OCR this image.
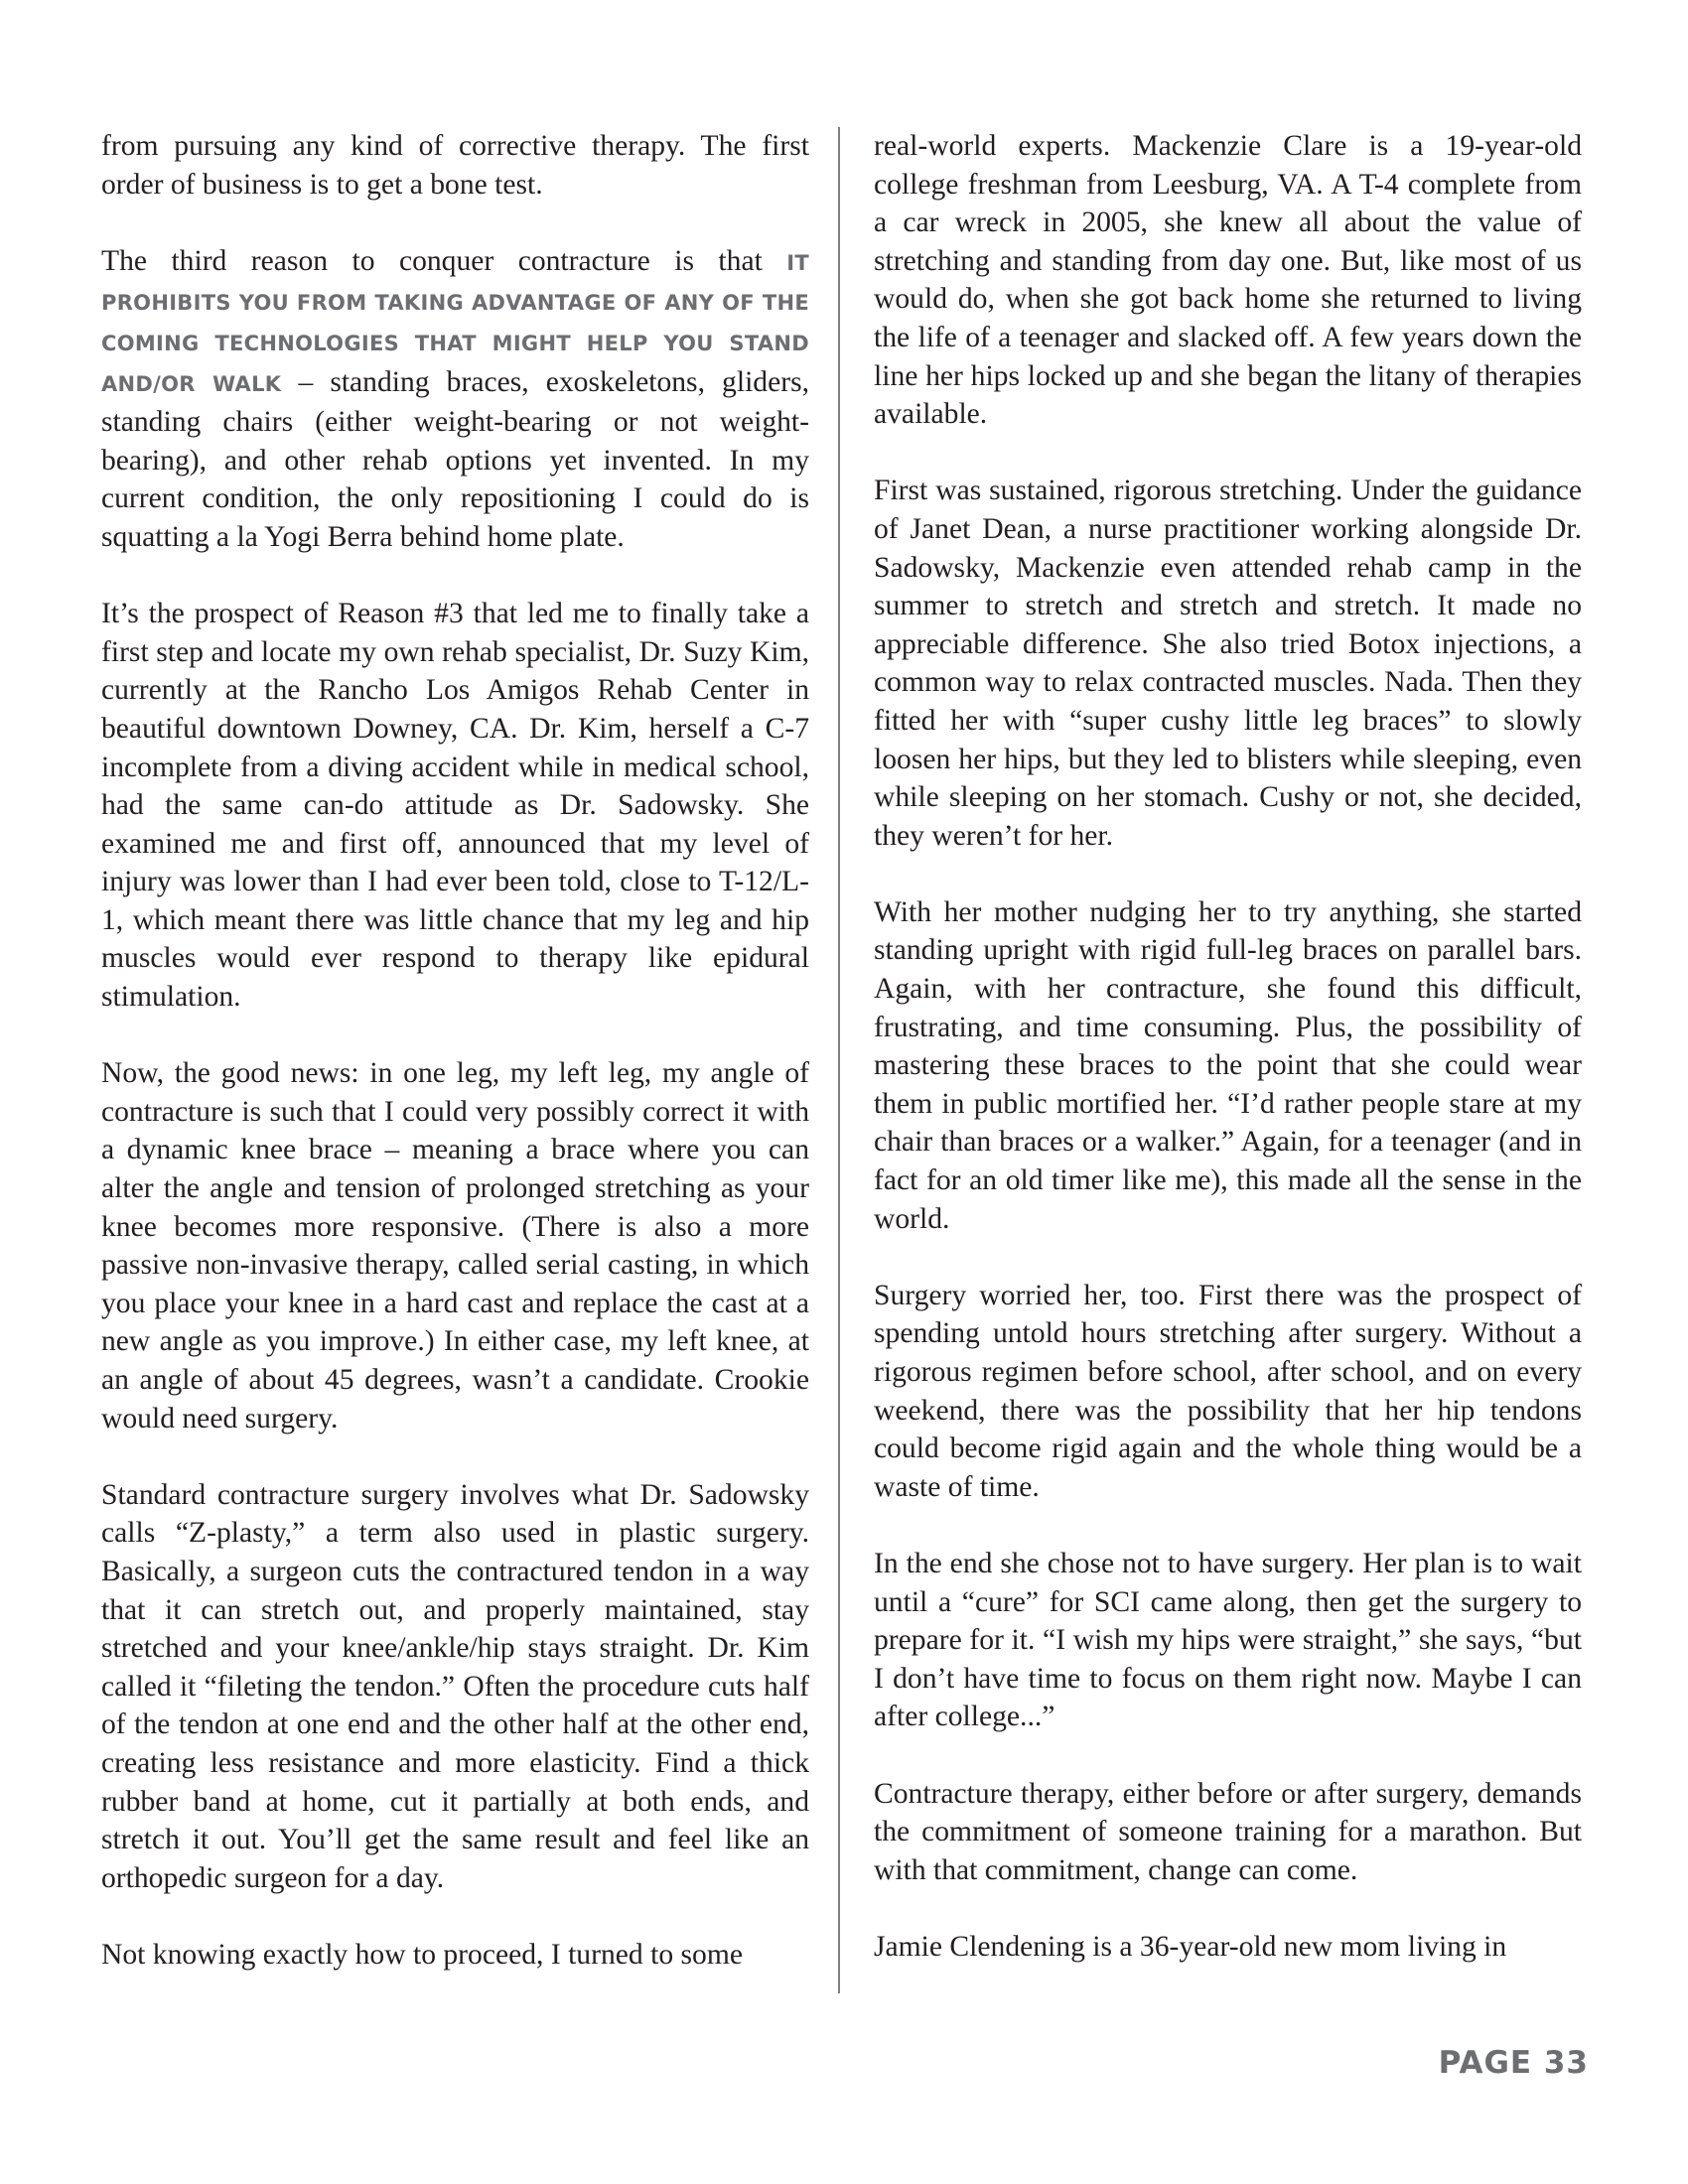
from pursuing any kind of corrective therapy. The first order of business is to get a bone test.

The third reason to conquer contracture is that IT PROHIBITS YOU FROM TAKING ADVANTAGE OF ANY OF THE COMING TECHNOLOGIES THAT MIGHT HELP YOU STAND AND/OR WALK – standing braces, exoskeletons, gliders, standing chairs (either weight-bearing or not weight-bearing), and other rehab options yet invented. In my current condition, the only repositioning I could do is squatting a la Yogi Berra behind home plate.

It’s the prospect of Reason #3 that led me to finally take a first step and locate my own rehab specialist, Dr. Suzy Kim, currently at the Rancho Los Amigos Rehab Center in beautiful downtown Downey, CA. Dr. Kim, herself a C-7 incomplete from a diving accident while in medical school, had the same can-do attitude as Dr. Sadowsky. She examined me and first off, announced that my level of injury was lower than I had ever been told, close to T-12/L-1, which meant there was little chance that my leg and hip muscles would ever respond to therapy like epidural stimulation.

Now, the good news: in one leg, my left leg, my angle of contracture is such that I could very possibly correct it with a dynamic knee brace – meaning a brace where you can alter the angle and tension of prolonged stretching as your knee becomes more responsive. (There is also a more passive non-invasive therapy, called serial casting, in which you place your knee in a hard cast and replace the cast at a new angle as you improve.) In either case, my left knee, at an angle of about 45 degrees, wasn’t a candidate. Crookie would need surgery.

Standard contracture surgery involves what Dr. Sadowsky calls “Z-plasty,” a term also used in plastic surgery. Basically, a surgeon cuts the contractured tendon in a way that it can stretch out, and properly maintained, stay stretched and your knee/ankle/hip stays straight. Dr. Kim called it “fileting the tendon.” Often the procedure cuts half of the tendon at one end and the other half at the other end, creating less resistance and more elasticity. Find a thick rubber band at home, cut it partially at both ends, and stretch it out. You’ll get the same result and feel like an orthopedic surgeon for a day.

Not knowing exactly how to proceed, I turned to some

real-world experts. Mackenzie Clare is a 19-year-old college freshman from Leesburg, VA. A T-4 complete from a car wreck in 2005, she knew all about the value of stretching and standing from day one. But, like most of us would do, when she got back home she returned to living the life of a teenager and slacked off. A few years down the line her hips locked up and she began the litany of therapies available.

First was sustained, rigorous stretching. Under the guidance of Janet Dean, a nurse practitioner working alongside Dr. Sadowsky, Mackenzie even attended rehab camp in the summer to stretch and stretch and stretch. It made no appreciable difference. She also tried Botox injections, a common way to relax contracted muscles. Nada. Then they fitted her with “super cushy little leg braces” to slowly loosen her hips, but they led to blisters while sleeping, even while sleeping on her stomach. Cushy or not, she decided, they weren’t for her.

With her mother nudging her to try anything, she started standing upright with rigid full-leg braces on parallel bars. Again, with her contracture, she found this difficult, frustrating, and time consuming. Plus, the possibility of mastering these braces to the point that she could wear them in public mortified her. “I’d rather people stare at my chair than braces or a walker.” Again, for a teenager (and in fact for an old timer like me), this made all the sense in the world.

Surgery worried her, too. First there was the prospect of spending untold hours stretching after surgery. Without a rigorous regimen before school, after school, and on every weekend, there was the possibility that her hip tendons could become rigid again and the whole thing would be a waste of time.

In the end she chose not to have surgery. Her plan is to wait until a “cure” for SCI came along, then get the surgery to prepare for it. “I wish my hips were straight,” she says, “but I don’t have time to focus on them right now. Maybe I can after college...”

Contracture therapy, either before or after surgery, demands the commitment of someone training for a marathon. But with that commitment, change can come.

Jamie Clendening is a 36-year-old new mom living in

PAGE 33
